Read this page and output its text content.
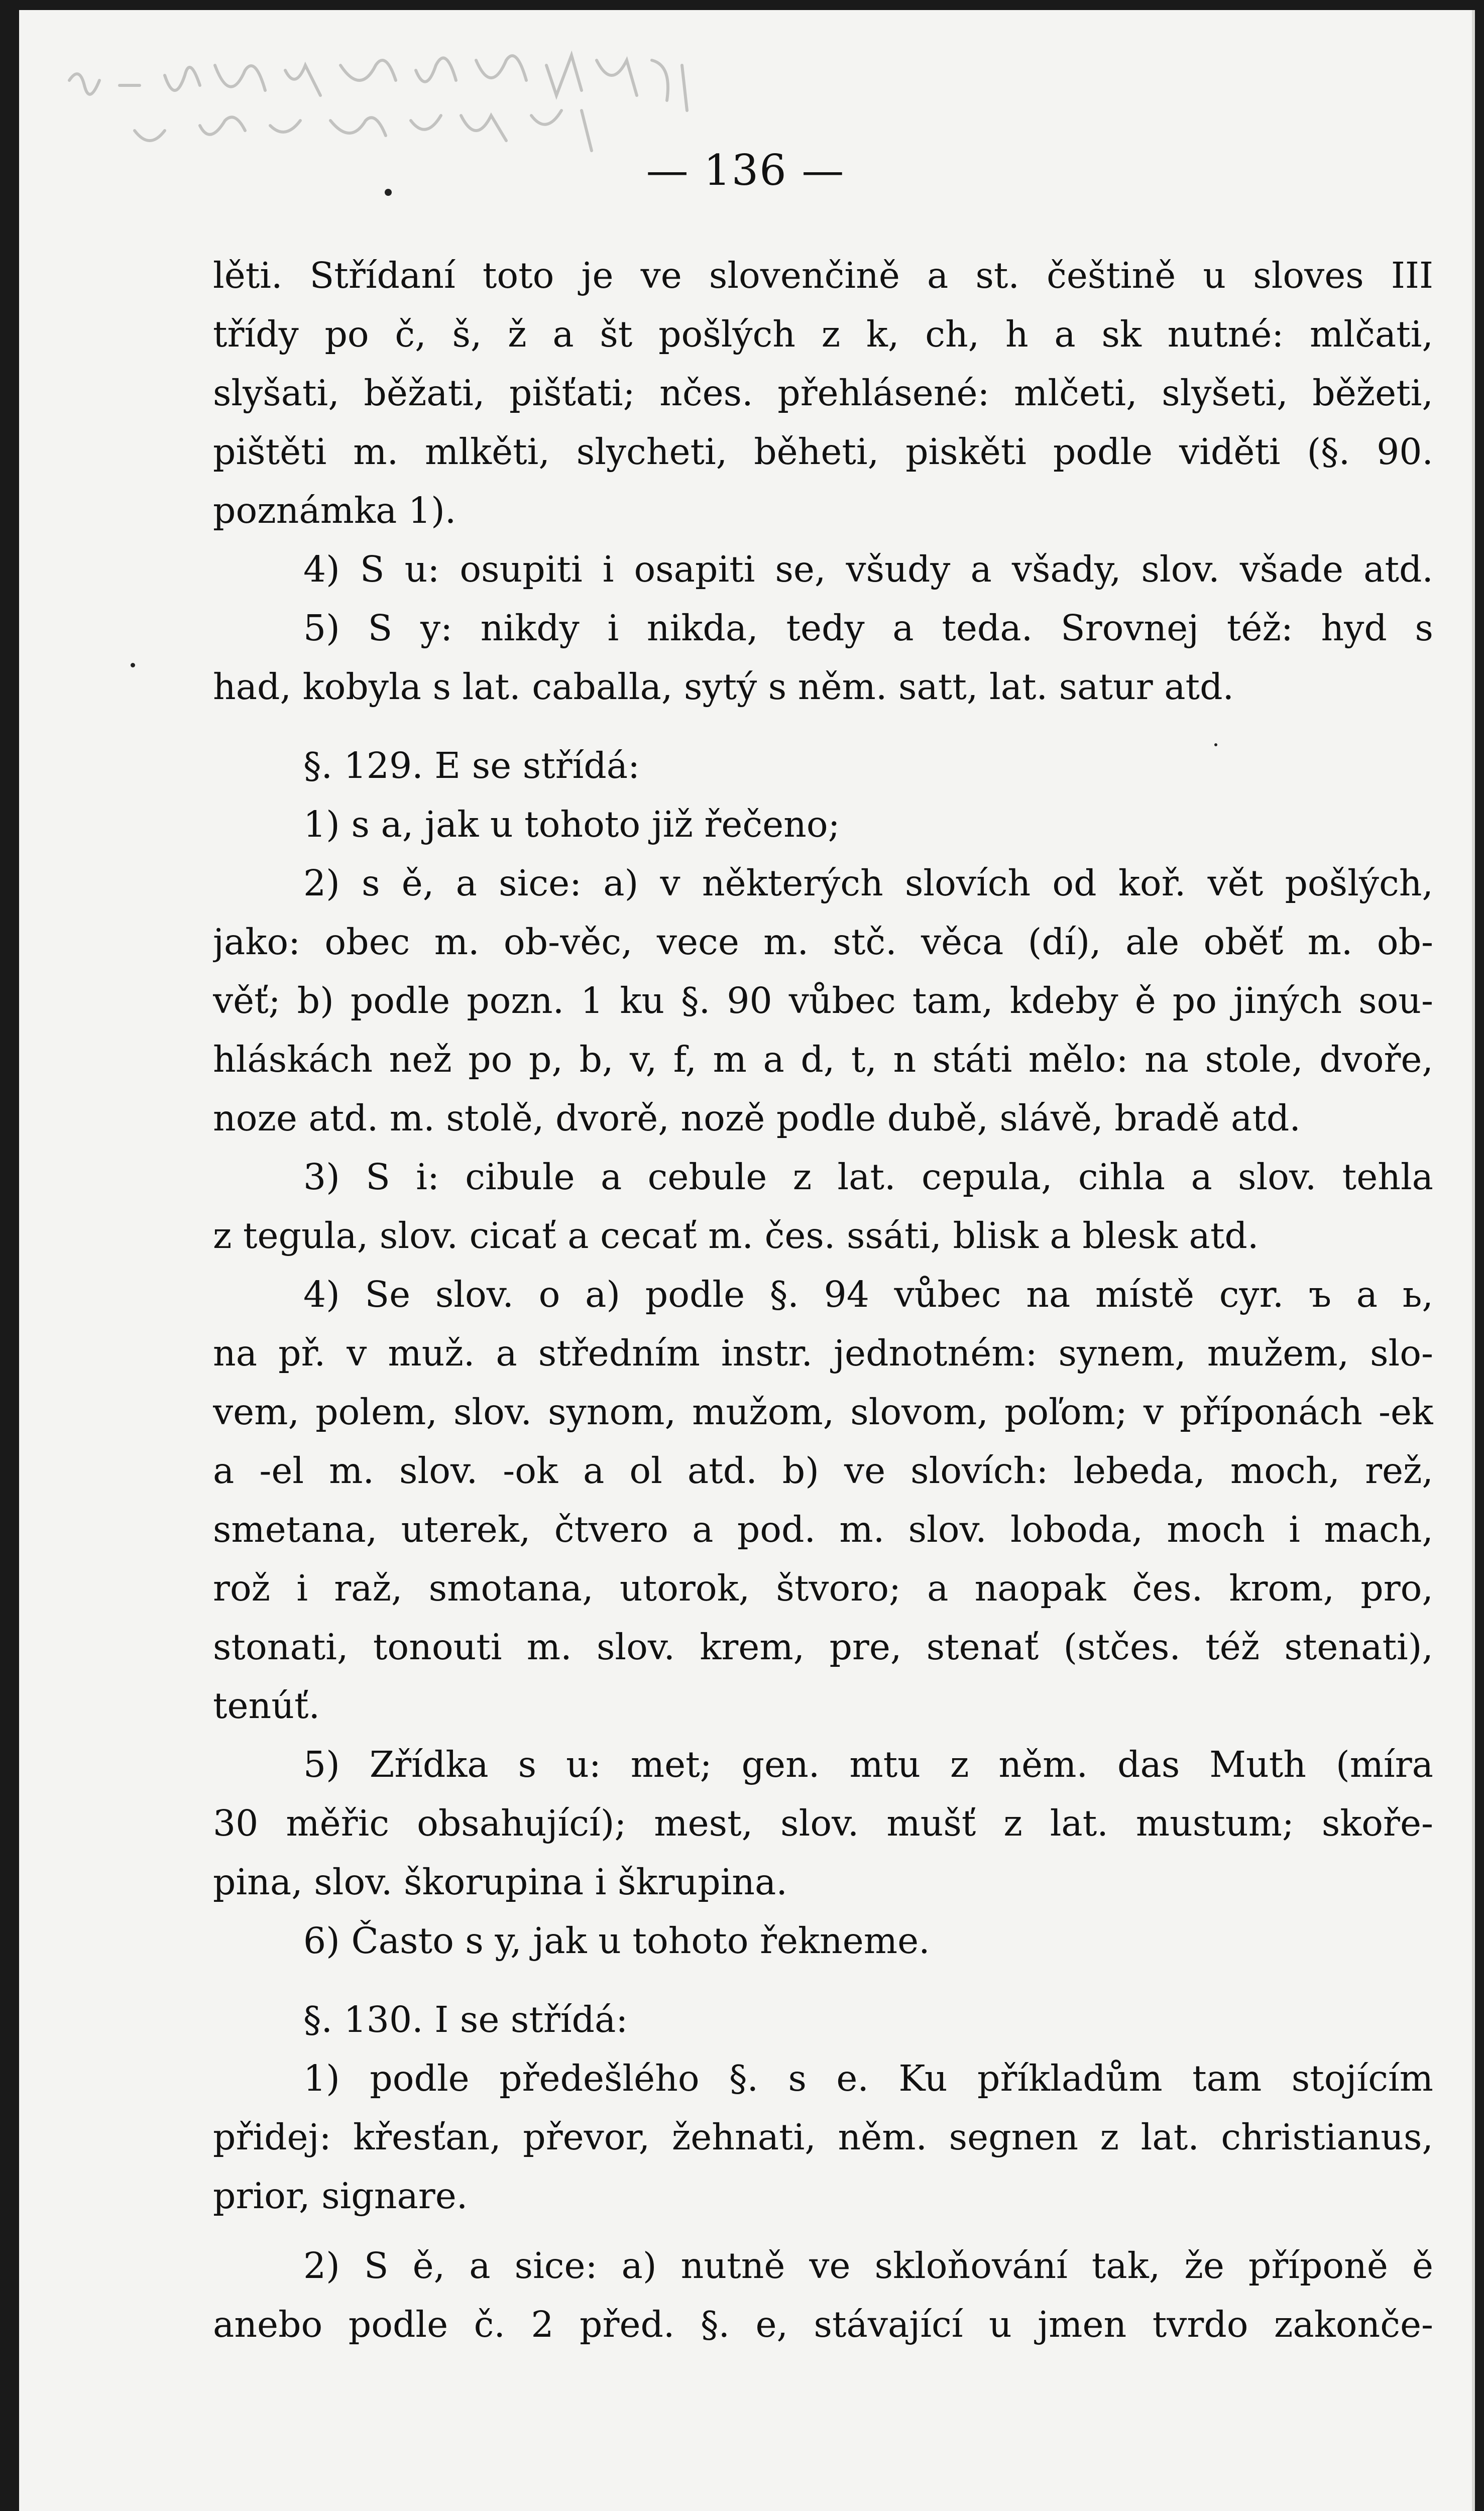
— 136 —
lěti. Střídaní toto je ve slovenčině a st. češtině u sloves III
třídy po č, š, ž a št pošlých z k, ch, h a sk nutné: mlčati,
slyšati, běžati, pišťati; nčes. přehlásené: mlčeti, slyšeti, běžeti,
pištěti m. mlkěti, slycheti, běheti, piskěti podle viděti (§. 90.
poznámka 1).
4) S u: osupiti i osapiti se, všudy a všady, slov. všade atd.
5) S y: nikdy i nikda, tedy a teda. Srovnej též: hyd s
had, kobyla s lat. caballa, sytý s něm. satt, lat. satur atd.
§. 129. E se střídá:
1) s a, jak u tohoto již řečeno;
2) s ě, a sice: a) v některých slovích od koř. vět pošlých,
jako: obec m. ob-věc, vece m. stč. věca (dí), ale oběť m. ob-
věť; b) podle pozn. 1 ku §. 90 vůbec tam, kdeby ě po jiných sou-
hláskách než po p, b, v, f, m a d, t, n státi mělo: na stole, dvoře,
noze atd. m. stolě, dvorě, nozě podle dubě, slávě, bradě atd.
3) S i: cibule a cebule z lat. cepula, cihla a slov. tehla
z tegula, slov. cicať a cecať m. čes. ssáti, blisk a blesk atd.
4) Se slov. o a) podle §. 94 vůbec na místě cyr. ъ a ь,
na př. v muž. a středním instr. jednotném: synem, mužem, slo-
vem, polem, slov. synom, mužom, slovom, poľom; v příponách -ek
a -el m. slov. -ok a ol atd. b) ve slovích: lebeda, moch, rež,
smetana, uterek, čtvero a pod. m. slov. loboda, moch i mach,
rož i raž, smotana, utorok, štvoro; a naopak čes. krom, pro,
stonati, tonouti m. slov. krem, pre, stenať (stčes. též stenati),
tenúť.
5) Zřídka s u: met; gen. mtu z něm. das Muth (míra
30 měřic obsahující); mest, slov. mušť z lat. mustum; skoře-
pina, slov. škorupina i škrupina.
6) Často s y, jak u tohoto řekneme.
§. 130. I se střídá:
1) podle předešlého §. s e. Ku příkladům tam stojícím
přidej: křesťan, převor, žehnati, něm. segnen z lat. christianus,
prior, signare.
2) S ě, a sice: a) nutně ve skloňování tak, že příponě ě
anebo podle č. 2 před. §. e, stávající u jmen tvrdo zakonče-
